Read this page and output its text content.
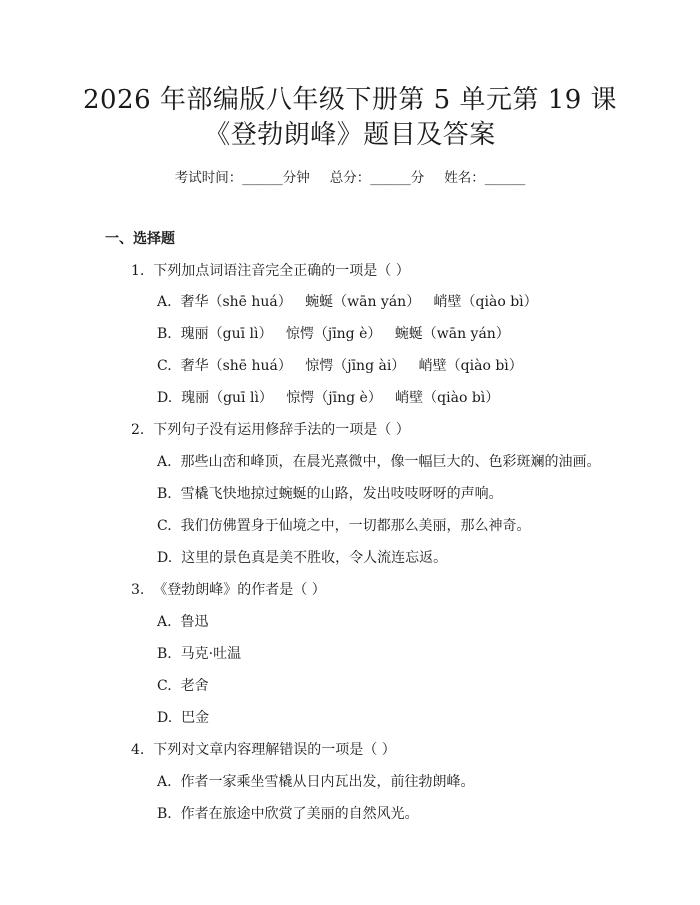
2026 年部编版八年级下册第 5 单元第 19 课
《登勃朗峰》题目及答案
考试时间：______分钟 总分：______分 姓名：______
一、选择题
1.  下列加点词语注音完全正确的一项是（ ）
A.  奢华（shē huá）   蜿蜒（wān yán）   峭壁（qiào bì）
B.  瑰丽（guī lì）   惊愕（jīng è）   蜿蜒（wān yán）
C.  奢华（shē huá）   惊愕（jīng ài）   峭壁（qiào bì）
D.  瑰丽（guī lì）   惊愕（jīng è）   峭壁（qiào bì）
2.  下列句子没有运用修辞手法的一项是（ ）
A.  那些山峦和峰顶，在晨光熹微中，像一幅巨大的、色彩斑斓的油画。
B.  雪橇飞快地掠过蜿蜒的山路，发出吱吱呀呀的声响。
C.  我们仿佛置身于仙境之中，一切都那么美丽，那么神奇。
D.  这里的景色真是美不胜收，令人流连忘返。
3.  《登勃朗峰》的作者是（ ）
A.  鲁迅
B.  马克·吐温
C.  老舍
D.  巴金
4.  下列对文章内容理解错误的一项是（ ）
A.  作者一家乘坐雪橇从日内瓦出发，前往勃朗峰。
B.  作者在旅途中欣赏了美丽的自然风光。
